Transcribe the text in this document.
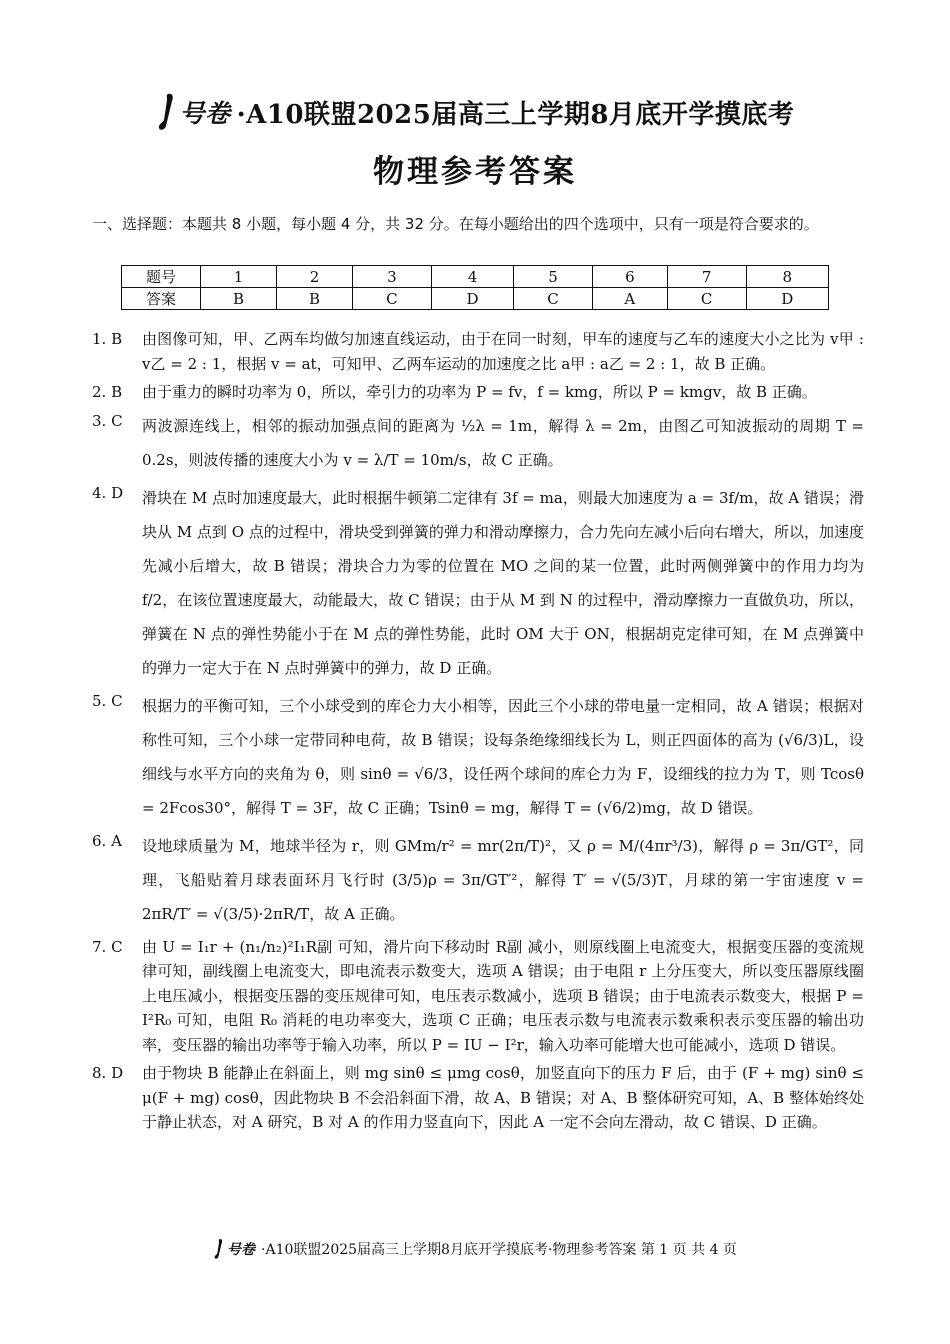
号卷 ·A10联盟2025届高三上学期8月底开学摸底考
物理参考答案
一、选择题：本题共 8 小题，每小题 4 分，共 32 分。在每小题给出的四个选项中，只有一项是符合要求的。
题号	1	2	3	4	5	6	7	8
答案	B	B	C	D	C	A	C	D
1. B	由图像可知，甲、乙两车均做匀加速直线运动，由于在同一时刻，甲车的速度与乙车的速度大小之比为 v甲 : v乙 = 2 : 1，根据 v = at，可知甲、乙两车运动的加速度之比 a甲 : a乙 = 2 : 1，故 B 正确。
2. B	由于重力的瞬时功率为 0，所以，牵引力的功率为 P = fv，f = kmg，所以 P = kmgv，故 B 正确。
3. C	两波源连线上，相邻的振动加强点间的距离为 ½λ = 1m，解得 λ = 2m，由图乙可知波振动的周期 T = 0.2s，则波传播的速度大小为 v = λ/T = 10m/s，故 C 正确。
4. D	滑块在 M 点时加速度最大，此时根据牛顿第二定律有 3f = ma，则最大加速度为 a = 3f/m，故 A 错误；滑块从 M 点到 O 点的过程中，滑块受到弹簧的弹力和滑动摩擦力，合力先向左减小后向右增大，所以，加速度先减小后增大，故 B 错误；滑块合力为零的位置在 MO 之间的某一位置，此时两侧弹簧中的作用力均为 f/2，在该位置速度最大，动能最大，故 C 错误；由于从 M 到 N 的过程中，滑动摩擦力一直做负功，所以，弹簧在 N 点的弹性势能小于在 M 点的弹性势能，此时 OM 大于 ON，根据胡克定律可知，在 M 点弹簧中的弹力一定大于在 N 点时弹簧中的弹力，故 D 正确。
5. C	根据力的平衡可知，三个小球受到的库仑力大小相等，因此三个小球的带电量一定相同，故 A 错误；根据对称性可知，三个小球一定带同种电荷，故 B 错误；设每条绝缘细线长为 L，则正四面体的高为 (√6/3)L，设细线与水平方向的夹角为 θ，则 sinθ = √6/3，设任两个球间的库仑力为 F，设细线的拉力为 T，则 Tcosθ = 2Fcos30°，解得 T = 3F，故 C 正确；Tsinθ = mg，解得 T = (√6/2)mg，故 D 错误。
6. A	设地球质量为 M，地球半径为 r，则 GMm/r² = mr(2π/T)²，又 ρ = M/(4πr³/3)，解得 ρ = 3π/GT²，同理，飞船贴着月球表面环月飞行时 (3/5)ρ = 3π/GT′²，解得 T′ = √(5/3)T，月球的第一宇宙速度 v = 2πR/T′ = √(3/5)·2πR/T，故 A 正确。
7. C	由 U = I₁r + (n₁/n₂)²I₁R副 可知，滑片向下移动时 R副 减小，则原线圈上电流变大，根据变压器的变流规律可知，副线圈上电流变大，即电流表示数变大，选项 A 错误；由于电阻 r 上分压变大，所以变压器原线圈上电压减小，根据变压器的变压规律可知，电压表示数减小，选项 B 错误；由于电流表示数变大，根据 P = I²R₀ 可知，电阻 R₀ 消耗的电功率变大，选项 C 正确；电压表示数与电流表示数乘积表示变压器的输出功率，变压器的输出功率等于输入功率，所以 P = IU − I²r，输入功率可能增大也可能减小，选项 D 错误。
8. D	由于物块 B 能静止在斜面上，则 mg sinθ ≤ μmg cosθ，加竖直向下的压力 F 后，由于 (F + mg) sinθ ≤ μ(F + mg) cosθ，因此物块 B 不会沿斜面下滑，故 A、B 错误；对 A、B 整体研究可知，A、B 整体始终处于静止状态，对 A 研究，B 对 A 的作用力竖直向下，因此 A 一定不会向左滑动，故 C 错误、D 正确。
号卷 ·A10联盟2025届高三上学期8月底开学摸底考·物理参考答案 第 1 页 共 4 页
